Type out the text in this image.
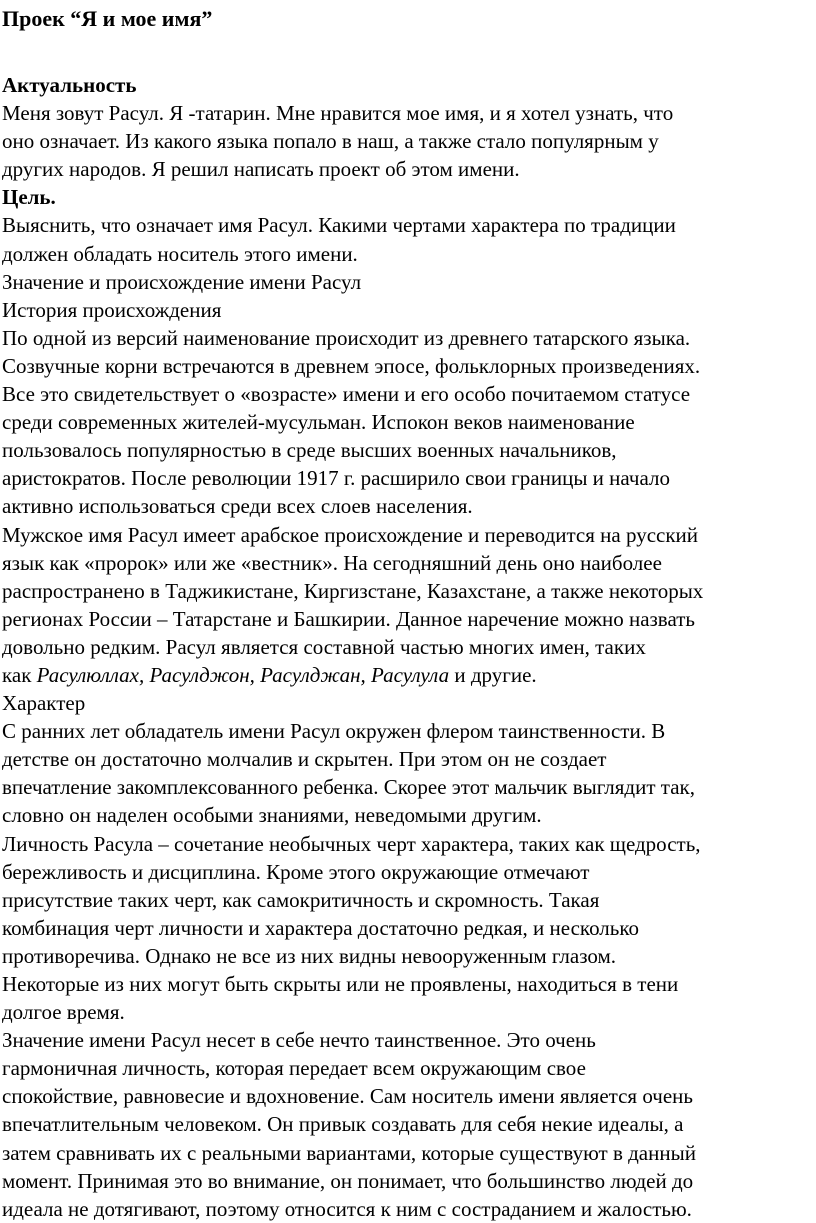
Проек “Я и мое имя”
Актуальность
Меня зовут Расул. Я -татарин. Мне нравится мое имя, и я хотел узнать, что
оно означает. Из какого языка попало в наш, а также стало популярным у
других народов. Я решил написать проект об этом имени.
Цель.
Выяснить, что означает имя Расул. Какими чертами характера по традиции
должен обладать носитель этого имени.
Значение и происхождение имени Расул
История происхождения
По одной из версий наименование происходит из древнего татарского языка.
Созвучные корни встречаются в древнем эпосе, фольклорных произведениях.
Все это свидетельствует о «возрасте» имени и его особо почитаемом статусе
среди современных жителей-мусульман. Испокон веков наименование
пользовалось популярностью в среде высших военных начальников,
аристократов. После революции 1917 г. расширило свои границы и начало
активно использоваться среди всех слоев населения.
Мужское имя Расул имеет арабское происхождение и переводится на русский
язык как «пророк» или же «вестник». На сегодняшний день оно наиболее
распространено в Таджикистане, Киргизстане, Казахстане, а также некоторых
регионах России – Татарстане и Башкирии. Данное наречение можно назвать
довольно редким. Расул является составной частью многих имен, таких
как Расулюллах, Расулджон, Расулджан, Расулула и другие.
Характер
С ранних лет обладатель имени Расул окружен флером таинственности. В
детстве он достаточно молчалив и скрытен. При этом он не создает
впечатление закомплексованного ребенка. Скорее этот мальчик выглядит так,
словно он наделен особыми знаниями, неведомыми другим.
Личность Расула – сочетание необычных черт характера, таких как щедрость,
бережливость и дисциплина. Кроме этого окружающие отмечают
присутствие таких черт, как самокритичность и скромность. Такая
комбинация черт личности и характера достаточно редкая, и несколько
противоречива. Однако не все из них видны невооруженным глазом.
Некоторые из них могут быть скрыты или не проявлены, находиться в тени
долгое время.
Значение имени Расул несет в себе нечто таинственное. Это очень
гармоничная личность, которая передает всем окружающим свое
спокойствие, равновесие и вдохновение. Сам носитель имени является очень
впечатлительным человеком. Он привык создавать для себя некие идеалы, а
затем сравнивать их с реальными вариантами, которые существуют в данный
момент. Принимая это во внимание, он понимает, что большинство людей до
идеала не дотягивают, поэтому относится к ним с состраданием и жалостью.
